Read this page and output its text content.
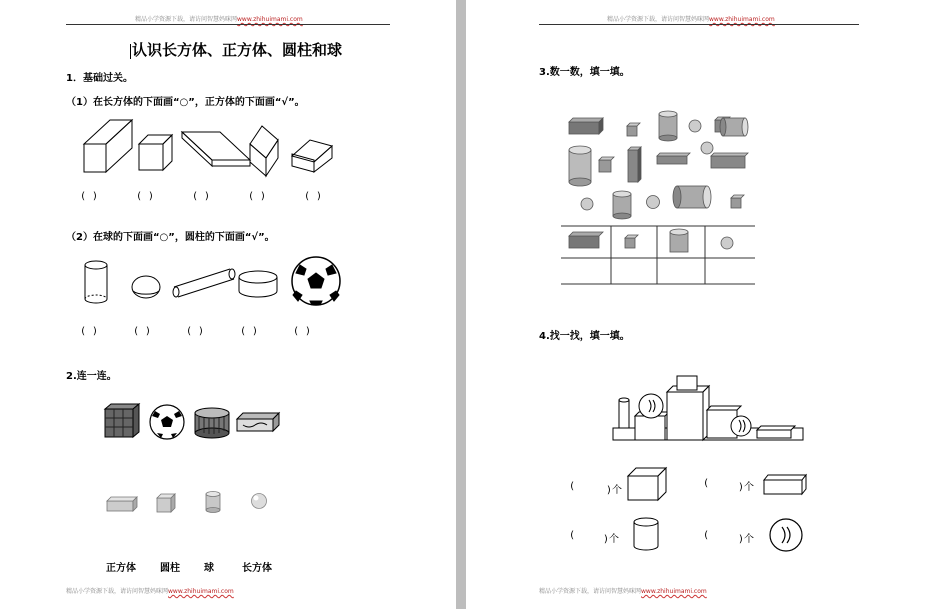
精品小学资源下载，请访问智慧妈咪网www.zhihuimami.com
认识长方体、正方体、圆柱和球
1．基础过关。
（1）在长方体的下面画“○”，正方体的下面画“√”。
( )	( )	( )	( )	( )
（2）在球的下面画“○”，圆柱的下面画“√”。
( )	( )	( )	( )	( )
2.连一连。
正方体 圆柱 球	长方体
精品小学资源下载，请访问智慧妈咪网www.zhihuimami.com
精品小学资源下载，请访问智慧妈咪网www.zhihuimami.com
3.数一数，填一填。
4.找一找，填一填。
(	)个
(	)个
(	)个	(	)个
精品小学资源下载，请访问智慧妈咪网www.zhihuimami.com
